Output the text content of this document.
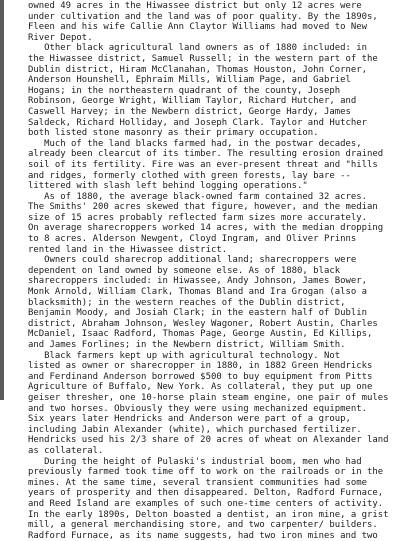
owned 49 acres in the Hiwassee district but only 12 acres were
under cultivation and the land was of poor quality. By the 1890s,
Fleen and his wife Callie Ann Claytor Williams had moved to New
River Depot.
Other black agricultural land owners as of 1880 included: in
the Hiwassee district, Samuel Russell; in the western part of the
Dublin district, Hiram McClanahan, Thomas Houston, John Corner,
Anderson Hounshell, Ephraim Mills, William Page, and Gabriel
Hogans; in the northeastern quadrant of the county, Joseph
Robinson, George Wright, William Taylor, Richard Hutcher, and
Caswell Harvey; in the Newbern district, George Hardy, James
Saldeck, Richard Holliday, and Joseph Clark. Taylor and Hutcher
both listed stone masonry as their primary occupation.
Much of the land blacks farmed had, in the postwar decades,
already been clearcut of its timber. The resulting erosion drained
soil of its fertility. Fire was an ever-present threat and "hills
and ridges, formerly clothed with green forests, lay bare --
littered with slash left behind logging operations."
As of 1880, the average black-owned farm contained 32 acres.
The Smiths' 200 acres skewed that figure, however, and the median
size of 15 acres probably reflected farm sizes more accurately.
On average sharecroppers worked 14 acres, with the median dropping
to 8 acres. Alderson Newgent, Cloyd Ingram, and Oliver Prinns
rented land in the Hiwassee district.
Owners could sharecrop additional land; sharecroppers were
dependent on land owned by someone else. As of 1880, black
sharecroppers included: in Hiwassee, Andy Johnson, James Bower,
Monk Arnold, William Clark, Thomas Bland and Ira Grogan (also a
blacksmith); in the western reaches of the Dublin district,
Benjamin Moody, and Josiah Clark; in the eastern half of Dublin
district, Abraham Johnson, Wesley Wagoner, Robert Austin, Charles
McDaniel, Isaac Radford, Thomas Page, George Austin, Ed Killips,
and James Forlines; in the Newbern district, William Smith.
Black farmers kept up with agricultural technology. Not
listed as owner or sharecropper in 1880, in 1882 Green Hendricks
and Ferdinand Anderson borrowed $500 to buy equipment from Pitts
Agriculture of Buffalo, New York. As collateral, they put up one
geiser thresher, one 10-horse plain steam engine, one pair of mules
and two horses. Obviously they were using mechanized equipment.
Six years later Hendricks and Anderson were part of a group,
including Jabin Alexander (white), which purchased fertilizer.
Hendricks used his 2/3 share of 20 acres of wheat on Alexander land
as collateral.
During the height of Pulaski's industrial boom, men who had
previously farmed took time off to work on the railroads or in the
mines. At the same time, several transient communities had some
years of prosperity and then disappeared. Delton, Radford Furnace,
and Reed Island are examples of such one-time centers of activity.
In the early 1890s, Delton boasted a dentist, an iron mine, a grist
mill, a general merchandising store, and two carpenter/ builders.
Radford Furnace, as its name suggests, had two iron mines and two
